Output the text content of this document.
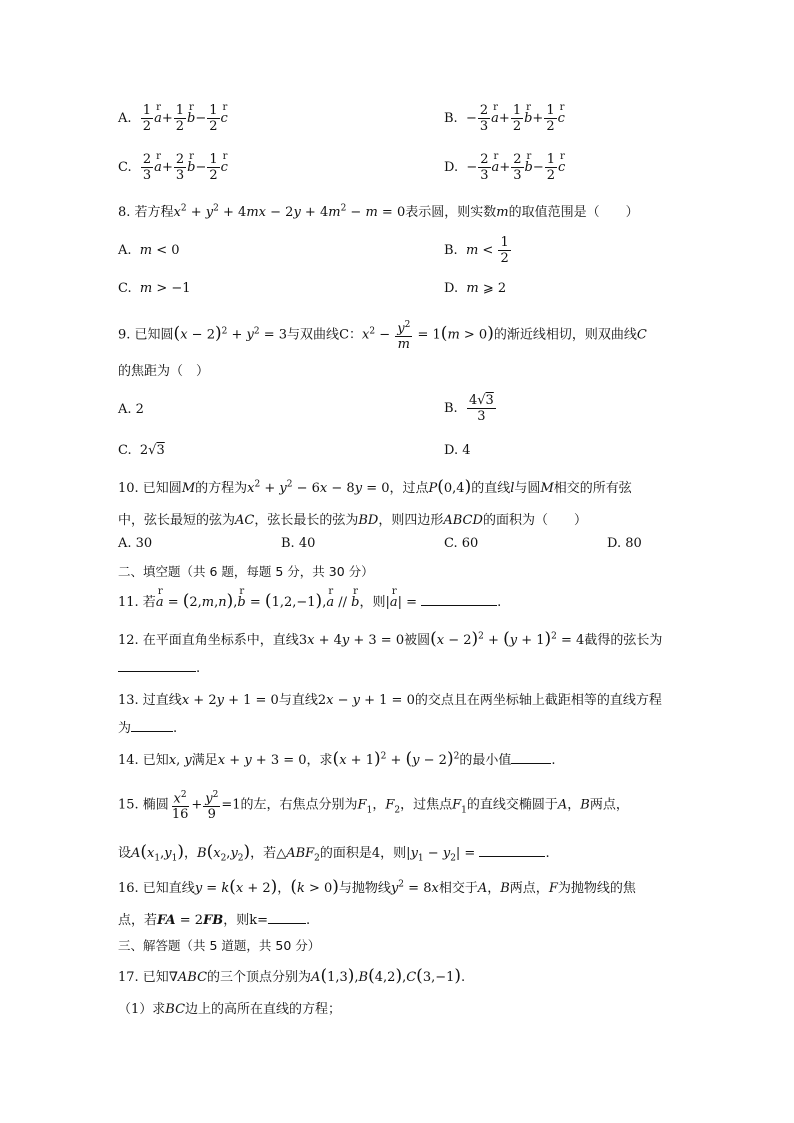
A. $\frac{1}{2}$ r $a+ \frac{1}{2}$ r $b- \frac{1}{2}$ r c	B.  − $\frac{2}{3}$ r $a+ \frac{1}{2}$ r $b+ \frac{1}{2}$ r c
C. $\frac{2}{3}$ r $a+ \frac{2}{3}$ r $b- \frac{1}{2}$ r c	D.  − $\frac{2}{3}$ r $a+ \frac{2}{3}$ r $b- \frac{1}{2}$ r c
8. 若方程$x^2 + y^2 + 4mx - 2y + 4m^2 - m = 0$表示圆，则实数m的取值范围是（　　）
A. m < 0	B. $m < \frac{1}{2}$
C. m > −1	D. m ⩾ 2
9. 已知圆$(x - 2)^2 + y^2 = 3$与双曲线C：$x^2 - \frac{y^2}{m} = 1(m > 0)$的渐近线相切，则双曲线C
的焦距为（　）
A. 2	B. $\frac{4√3}{3}$
C.  2√3	D. 4
10. 已知圆M的方程为$x^2 + y^2 - 6x - 8y = 0$，过点P(0,4)的直线l与圆M相交的所有弦
中，弦长最短的弦为AC，弦长最长的弦为BD，则四边形ABCD的面积为（　　）
A. 30	B. 40	C. 60	D. 80
二、填空题（共 6 题，每题 5 分，共 30 分）
11. 若r a = (2,m,n),r b = (1,2,−1),r a // r b，则|r a| =	.
12. 在平面直角坐标系中，直线3x + 4y + 3 = 0被圆$(x - 2)^2 + (y + 1)^2 = 4$截得的弦长为
.
13. 过直线x + 2y + 1 = 0与直线2x − y + 1 = 0的交点且在两坐标轴上截距相等的直线方程
为	.
14. 已知x, y满足x + y + 3 = 0，求$(x + 1)^2 + (y - 2)^2$的最小值	.
15. 椭圆 $\frac{x^2}{16} + \frac{y^2}{9} =1$的左，右焦点分别为$F_1$，$F_2$，过焦点$F_1$的直线交椭圆于A，B两点，
设$A(x_1,y_1)$，$B(x_2,y_2)$，若$\triangle ABF_2$的面积是4，则$|y_1 - y_2|$ =	.
16. 已知直线y = k(x + 2)，(k > 0)与抛物线$y^2 = 8x$相交于A，B两点，F为抛物线的焦
点，若FA = 2FB，则k=	.
三、解答题（共 5 道题，共 50 分）
17. 已知∇ABC的三个顶点分别为A(1,3),B(4,2),C(3,−1).
（1）求BC边上的高所在直线的方程；
